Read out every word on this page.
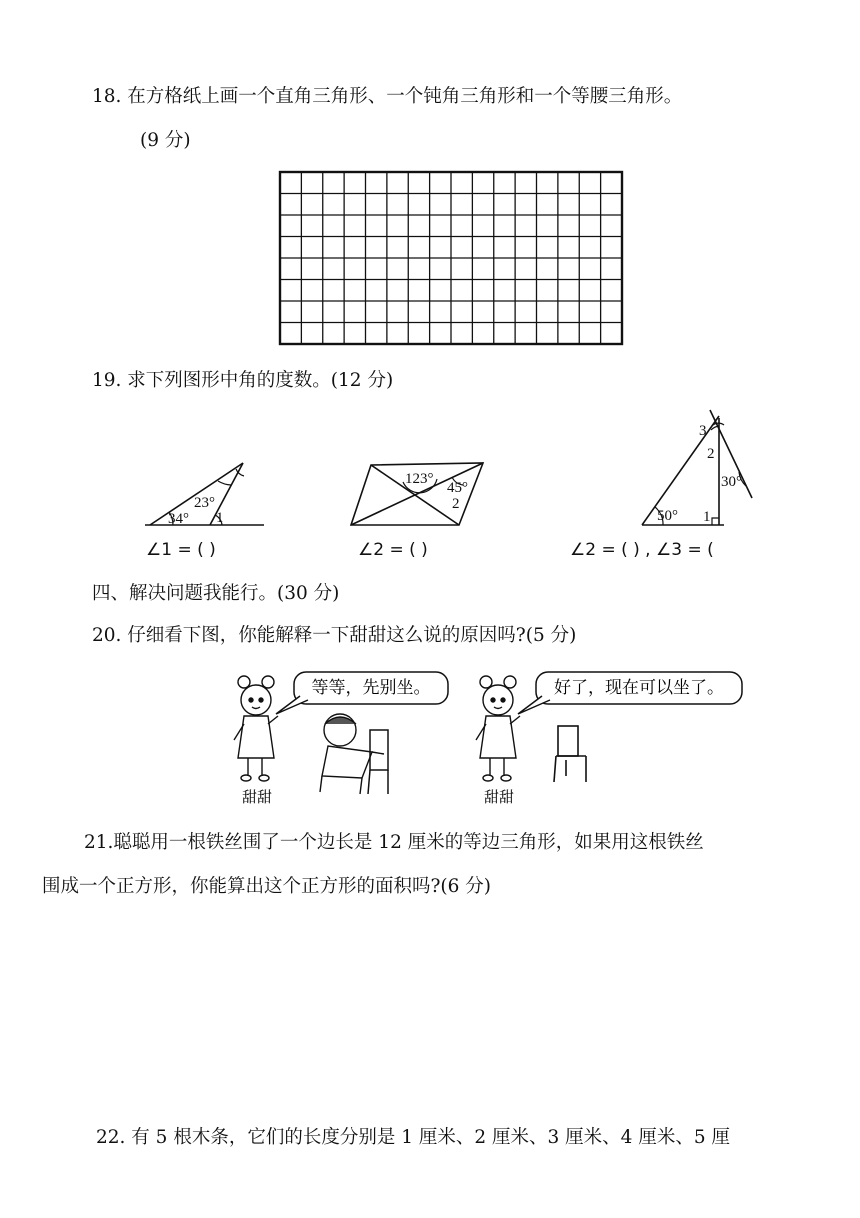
18. 在方格纸上画一个直角三角形、一个钝角三角形和一个等腰三角形。
(9 分)
19. 求下列图形中角的度数。(12 分)
23°
34° 1
∠1 = ( )
123°
45°
2
∠2 = ( )
3
2
30°
50° 1
∠2 = ( ) , ∠3 = (
四、解决问题我能行。(30 分)
20. 仔细看下图，你能解释一下甜甜这么说的原因吗?(5 分)
等等，先别坐。
甜甜
好了，现在可以坐了。
甜甜
21.聪聪用一根铁丝围了一个边长是 12 厘米的等边三角形，如果用这根铁丝
围成一个正方形，你能算出这个正方形的面积吗?(6 分)
22. 有 5 根木条，它们的长度分别是 1 厘米、2 厘米、3 厘米、4 厘米、5 厘
